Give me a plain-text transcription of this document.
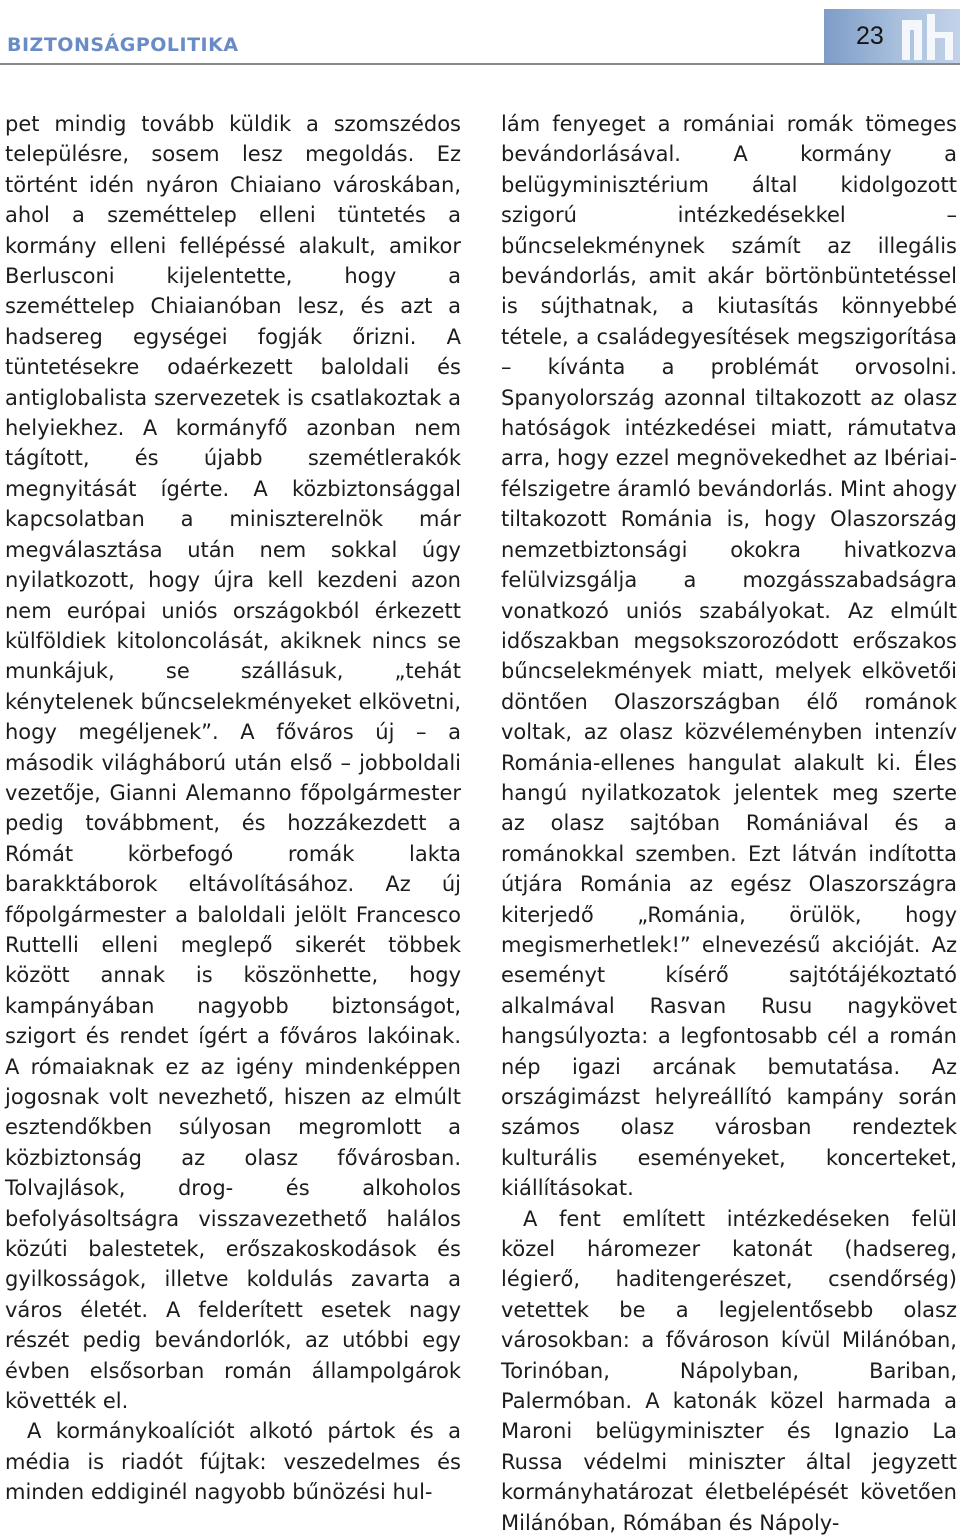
BIZTONSÁGPOLITIKA	23

pet mindig tovább küldik a szomszédos településre, sosem lesz megoldás. Ez történt idén nyáron Chiaiano városkában, ahol a szeméttelep elleni tüntetés a kormány elleni fellépéssé alakult, amikor Berlusconi kijelentette, hogy a szeméttelep Chiaianóban lesz, és azt a hadsereg egységei fogják őrizni. A tüntetésekre odaérkezett baloldali és antiglobalista szervezetek is csatlakoztak a helyiekhez. A kormányfő azonban nem tágított, és újabb szemétlerakók megnyitását ígérte. A közbiztonsággal kapcsolatban a miniszterelnök már megválasztása után nem sokkal úgy nyilatkozott, hogy újra kell kezdeni azon nem európai uniós országokból érkezett külföldiek kitoloncolását, akiknek nincs se munkájuk, se szállásuk, „tehát kénytelenek bűncselekményeket elkövetni, hogy megéljenek”. A főváros új – a második világháború után első – jobboldali vezetője, Gianni Alemanno főpolgármester pedig továbbment, és hozzákezdett a Rómát körbefogó romák lakta barakktáborok eltávolításához. Az új főpolgármester a baloldali jelölt Francesco Ruttelli elleni meglepő sikerét többek között annak is köszönhette, hogy kampányában nagyobb biztonságot, szigort és rendet ígért a főváros lakóinak. A rómaiaknak ez az igény mindenképpen jogosnak volt nevezhető, hiszen az elmúlt esztendőkben súlyosan megromlott a közbiztonság az olasz fővárosban. Tolvajlások, drog- és alkoholos befolyásoltságra visszavezethető halálos közúti balestetek, erőszakoskodások és gyilkosságok, illetve koldulás zavarta a város életét. A felderített esetek nagy részét pedig bevándorlók, az utóbbi egy évben elsősorban román állampolgárok követték el.

A kormánykoalíciót alkotó pártok és a média is riadót fújtak: veszedelmes és minden eddiginél nagyobb bűnözési hul-

lám fenyeget a romániai romák tömeges bevándorlásával. A kormány a belügyminisztérium által kidolgozott szigorú intézkedésekkel – bűncselekménynek számít az illegális bevándorlás, amit akár börtönbüntetéssel is sújthatnak, a kiutasítás könnyebbé tétele, a családegyesítések megszigorítása – kívánta a problémát orvosolni. Spanyolország azonnal tiltakozott az olasz hatóságok intézkedései miatt, rámutatva arra, hogy ezzel megnövekedhet az Ibériai-félszigetre áramló bevándorlás. Mint ahogy tiltakozott Románia is, hogy Olaszország nemzetbiztonsági okokra hivatkozva felülvizsgálja a mozgásszabadságra vonatkozó uniós szabályokat. Az elmúlt időszakban megsokszorozódott erőszakos bűncselekmények miatt, melyek elkövetői döntően Olaszországban élő románok voltak, az olasz közvéleményben intenzív Románia-ellenes hangulat alakult ki. Éles hangú nyilatkozatok jelentek meg szerte az olasz sajtóban Romániával és a románokkal szemben. Ezt látván indította útjára Románia az egész Olaszországra kiterjedő „Románia, örülök, hogy megismerhetlek!” elnevezésű akcióját. Az eseményt kísérő sajtótájékoztató alkalmával Rasvan Rusu nagykövet hangsúlyozta: a legfontosabb cél a román nép igazi arcának bemutatása. Az országimázst helyreállító kampány során számos olasz városban rendeztek kulturális eseményeket, koncerteket, kiállításokat.

A fent említett intézkedéseken felül közel háromezer katonát (hadsereg, légierő, haditengerészet, csendőrség) vetettek be a legjelentősebb olasz városokban: a fővároson kívül Milánóban, Torinóban, Nápolyban, Bariban, Palermóban. A katonák közel harmada a Maroni belügyminiszter és Ignazio La Russa védelmi miniszter által jegyzett kormányhatározat életbelépését követően Milánóban, Rómában és Nápoly-
